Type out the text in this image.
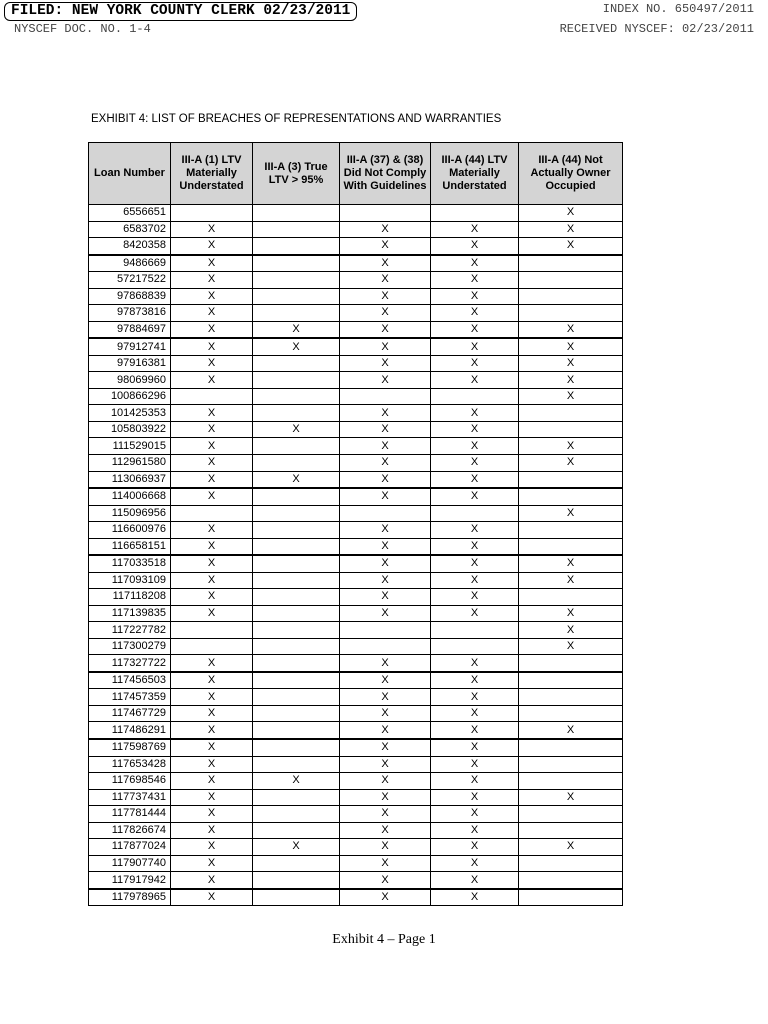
FILED: NEW YORK COUNTY CLERK 02/23/2011
NYSCEF DOC. NO. 1-4
INDEX NO. 650497/2011
RECEIVED NYSCEF: 02/23/2011
EXHIBIT 4: LIST OF BREACHES OF REPRESENTATIONS AND WARRANTIES
Loan Number	III-A (1) LTV Materially Understated	III-A (3) True LTV > 95%	III-A (37) & (38) Did Not Comply With Guidelines	III-A (44) LTV Materially Understated	III-A (44) Not Actually Owner Occupied
6556651					X
6583702	X		X	X	X
8420358	X		X	X	X
9486669	X		X	X	
57217522	X		X	X	
97868839	X		X	X	
97873816	X		X	X	
97884697	X	X	X	X	X
97912741	X	X	X	X	X
97916381	X		X	X	X
98069960	X		X	X	X
100866296					X
101425353	X		X	X	
105803922	X	X	X	X	
111529015	X		X	X	X
112961580	X		X	X	X
113066937	X	X	X	X	
114006668	X		X	X	
115096956					X
116600976	X		X	X	
116658151	X		X	X	
117033518	X		X	X	X
117093109	X		X	X	X
117118208	X		X	X	
117139835	X		X	X	X
117227782					X
117300279					X
117327722	X		X	X	
117456503	X		X	X	
117457359	X		X	X	
117467729	X		X	X	
117486291	X		X	X	X
117598769	X		X	X	
117653428	X		X	X	
117698546	X	X	X	X	
117737431	X		X	X	X
117781444	X		X	X	
117826674	X		X	X	
117877024	X	X	X	X	X
117907740	X		X	X	
117917942	X		X	X	
117978965	X		X	X	
Exhibit 4 – Page 1
